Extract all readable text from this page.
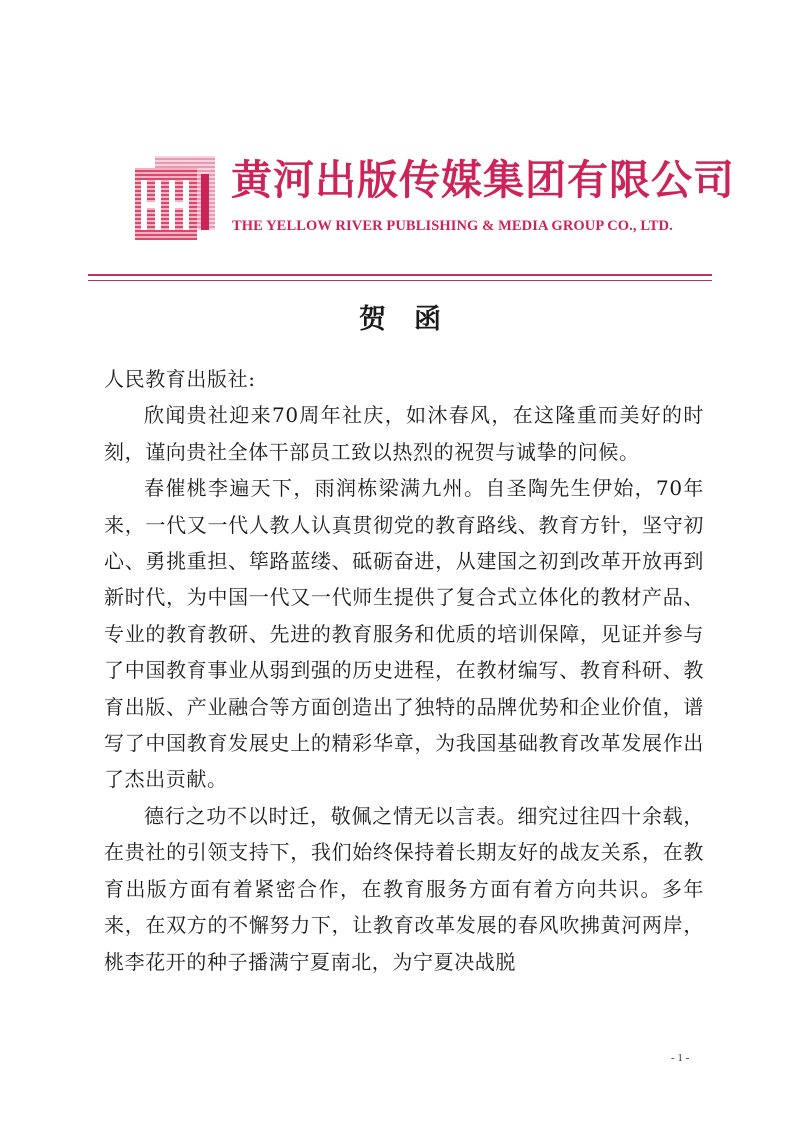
黄河出版传媒集团有限公司
THE YELLOW RIVER PUBLISHING & MEDIA GROUP CO., LTD.
贺 函

人民教育出版社:

欣闻贵社迎来70周年社庆，如沐春风，在这隆重而美好的时刻，谨向贵社全体干部员工致以热烈的祝贺与诚挚的问候。

春催桃李遍天下，雨润栋梁满九州。自圣陶先生伊始，70年来，一代又一代人教人认真贯彻党的教育路线、教育方针，坚守初心、勇挑重担、筚路蓝缕、砥砺奋进，从建国之初到改革开放再到新时代，为中国一代又一代师生提供了复合式立体化的教材产品、专业的教育教研、先进的教育服务和优质的培训保障，见证并参与了中国教育事业从弱到强的历史进程，在教材编写、教育科研、教育出版、产业融合等方面创造出了独特的品牌优势和企业价值，谱写了中国教育发展史上的精彩华章，为我国基础教育改革发展作出了杰出贡献。

德行之功不以时迁，敬佩之情无以言表。细究过往四十余载，在贵社的引领支持下，我们始终保持着长期友好的战友关系，在教育出版方面有着紧密合作，在教育服务方面有着方向共识。多年来，在双方的不懈努力下，让教育改革发展的春风吹拂黄河两岸，桃李花开的种子播满宁夏南北，为宁夏决战脱

- 1 -
